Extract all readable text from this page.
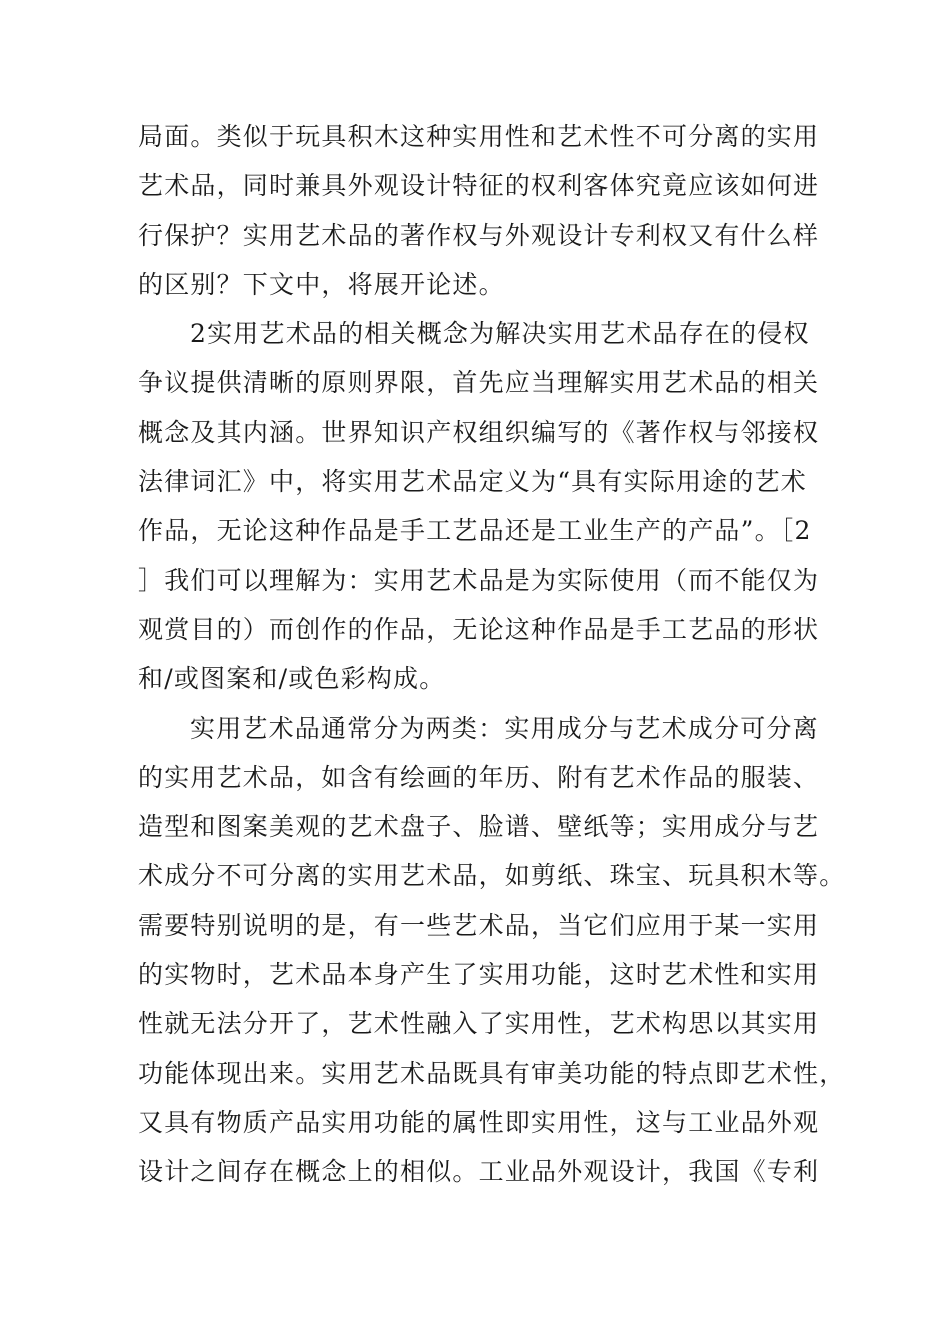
局面。类似于玩具积木这种实用性和艺术性不可分离的实用
艺术品，同时兼具外观设计特征的权利客体究竟应该如何进
行保护？实用艺术品的著作权与外观设计专利权又有什么样
的区别？下文中，将展开论述。

2实用艺术品的相关概念为解决实用艺术品存在的侵权
争议提供清晰的原则界限，首先应当理解实用艺术品的相关
概念及其内涵。世界知识产权组织编写的《著作权与邻接权
法律词汇》中，将实用艺术品定义为“具有实际用途的艺术
作品，无论这种作品是手工艺品还是工业生产的产品”。［2
］我们可以理解为：实用艺术品是为实际使用（而不能仅为
观赏目的）而创作的作品，无论这种作品是手工艺品的形状
和/或图案和/或色彩构成。

实用艺术品通常分为两类：实用成分与艺术成分可分离
的实用艺术品，如含有绘画的年历、附有艺术作品的服装、
造型和图案美观的艺术盘子、脸谱、壁纸等；实用成分与艺
术成分不可分离的实用艺术品，如剪纸、珠宝、玩具积木等。
需要特别说明的是，有一些艺术品，当它们应用于某一实用
的实物时，艺术品本身产生了实用功能，这时艺术性和实用
性就无法分开了，艺术性融入了实用性，艺术构思以其实用
功能体现出来。实用艺术品既具有审美功能的特点即艺术性，
又具有物质产品实用功能的属性即实用性，这与工业品外观
设计之间存在概念上的相似。工业品外观设计，我国《专利
